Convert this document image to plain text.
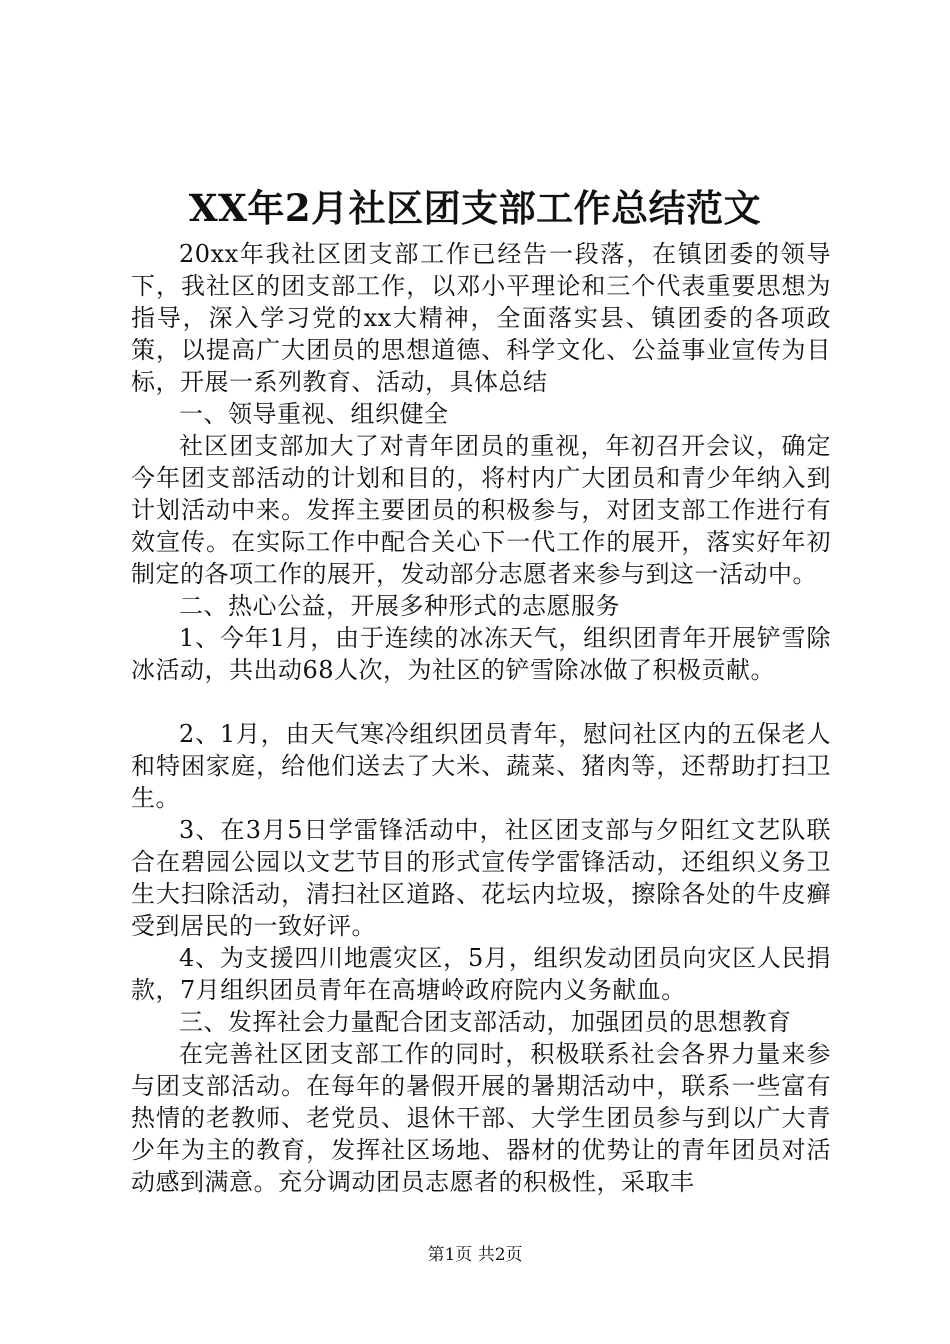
XX年2月社区团支部工作总结范文

20xx年我社区团支部工作已经告一段落，在镇团委的领导下，我社区的团支部工作，以邓小平理论和三个代表重要思想为指导，深入学习党的xx大精神，全面落实县、镇团委的各项政策，以提高广大团员的思想道德、科学文化、公益事业宣传为目标，开展一系列教育、活动，具体总结

一、领导重视、组织健全

社区团支部加大了对青年团员的重视，年初召开会议，确定今年团支部活动的计划和目的，将村内广大团员和青少年纳入到计划活动中来。发挥主要团员的积极参与，对团支部工作进行有效宣传。在实际工作中配合关心下一代工作的展开，落实好年初制定的各项工作的展开，发动部分志愿者来参与到这一活动中。

二、热心公益，开展多种形式的志愿服务

1、今年1月，由于连续的冰冻天气，组织团青年开展铲雪除冰活动，共出动68人次，为社区的铲雪除冰做了积极贡献。

2、1月，由天气寒冷组织团员青年，慰问社区内的五保老人和特困家庭，给他们送去了大米、蔬菜、猪肉等，还帮助打扫卫生。

3、在3月5日学雷锋活动中，社区团支部与夕阳红文艺队联合在碧园公园以文艺节目的形式宣传学雷锋活动，还组织义务卫生大扫除活动，清扫社区道路、花坛内垃圾，擦除各处的牛皮癣受到居民的一致好评。

4、为支援四川地震灾区，5月，组织发动团员向灾区人民捐款，7月组织团员青年在高塘岭政府院内义务献血。

三、发挥社会力量配合团支部活动，加强团员的思想教育

在完善社区团支部工作的同时，积极联系社会各界力量来参与团支部活动。在每年的暑假开展的暑期活动中，联系一些富有热情的老教师、老党员、退休干部、大学生团员参与到以广大青少年为主的教育，发挥社区场地、器材的优势让的青年团员对活动感到满意。充分调动团员志愿者的积极性，采取丰

第1页 共2页
